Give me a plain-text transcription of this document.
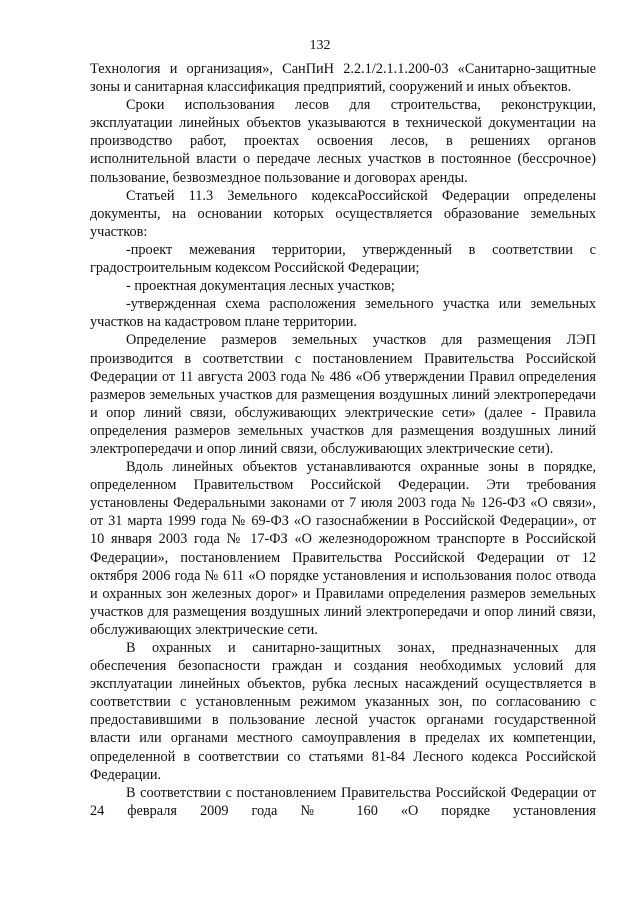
132

Технология и организация», СанПиН 2.2.1/2.1.1.200-03 «Санитарно-защитные зоны и санитарная классификация предприятий, сооружений и иных объектов.

Сроки использования лесов для строительства, реконструкции, эксплуатации линейных объектов указываются в технической документации на производство работ, проектах освоения лесов, в решениях органов исполнительной власти о передаче лесных участков в постоянное (бессрочное) пользование, безвозмездное пользование и договорах аренды.

Статьей 11.3 Земельного кодексаРоссийской Федерации определены документы, на основании которых осуществляется образование земельных участков:

-проект межевания территории, утвержденный в соответствии с градостроительным кодексом Российской Федерации;

- проектная документация лесных участков;

-утвержденная схема расположения земельного участка или земельных участков на кадастровом плане территории.

Определение размеров земельных участков для размещения ЛЭП производится в соответствии с постановлением Правительства Российской Федерации от 11 августа 2003 года № 486 «Об утверждении Правил определения размеров земельных участков для размещения воздушных линий электропередачи и опор линий связи, обслуживающих электрические сети» (далее - Правила определения размеров земельных участков для размещения воздушных линий электропередачи и опор линий связи, обслуживающих электрические сети).

Вдоль линейных объектов устанавливаются охранные зоны в порядке, определенном Правительством Российской Федерации. Эти требования установлены Федеральными законами от 7 июля 2003 года № 126-ФЗ «О связи», от 31 марта 1999 года № 69-ФЗ «О газоснабжении в Российской Федерации», от 10 января 2003 года № 17-ФЗ «О железнодорожном транспорте в Российской Федерации», постановлением Правительства Российской Федерации от 12 октября 2006 года № 611 «О порядке установления и использования полос отвода и охранных зон железных дорог» и Правилами определения размеров земельных участков для размещения воздушных линий электропередачи и опор линий связи, обслуживающих электрические сети.

В охранных и санитарно-защитных зонах, предназначенных для обеспечения безопасности граждан и создания необходимых условий для эксплуатации линейных объектов, рубка лесных насаждений осуществляется в соответствии с установленным режимом указанных зон, по согласованию с предоставившими в пользование лесной участок органами государственной власти или органами местного самоуправления в пределах их компетенции, определенной в соответствии со статьями 81-84 Лесного кодекса Российской Федерации.

В соответствии с постановлением Правительства Российской Федерации от 24 февраля 2009 года № 160 «О порядке установления
